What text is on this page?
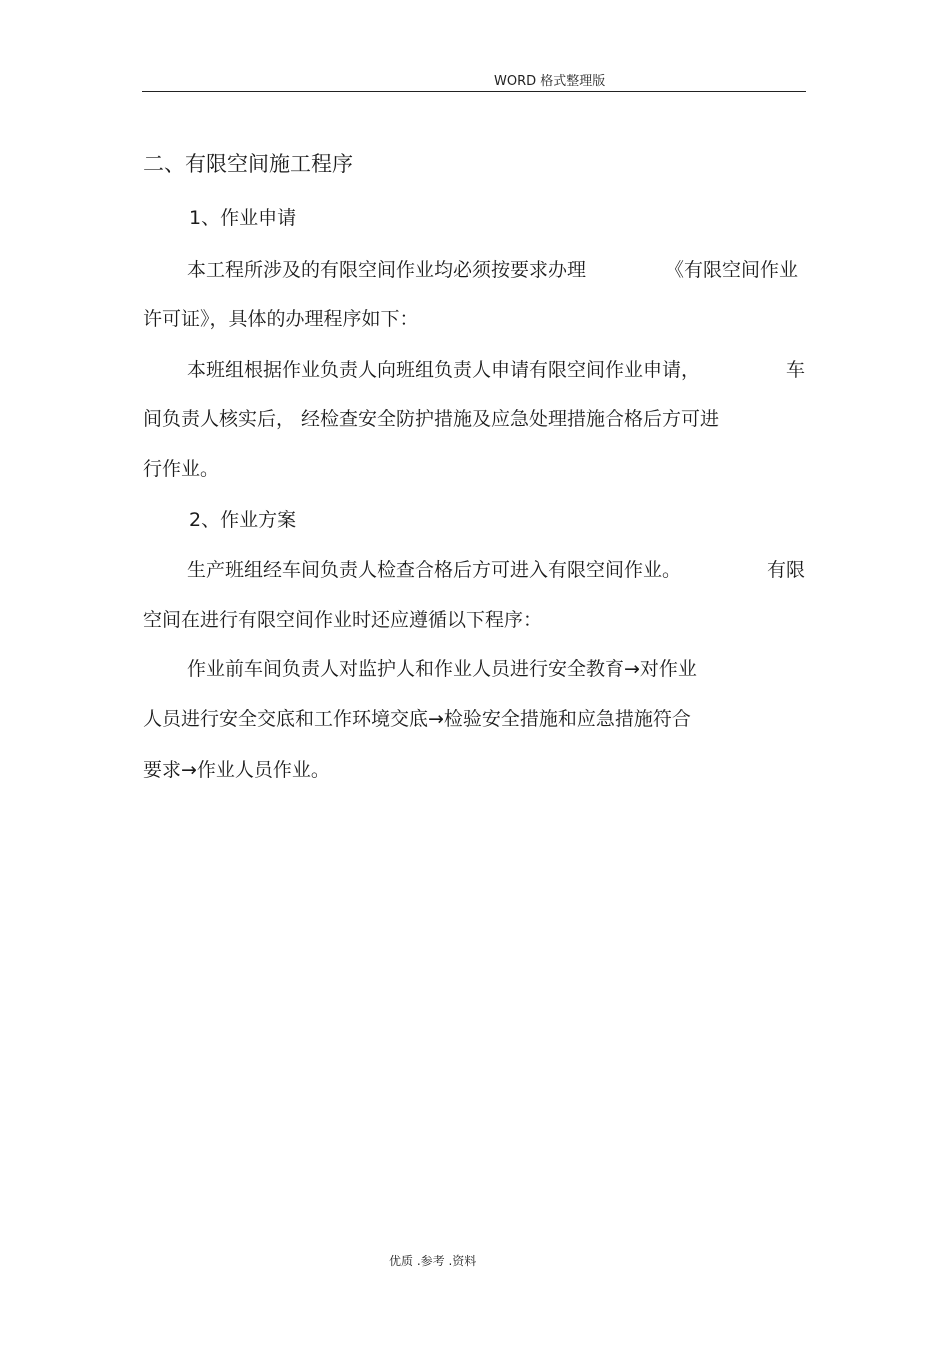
WORD 格式整理版
二、有限空间施工程序
1、作业申请
本工程所涉及的有限空间作业均必须按要求办理	《有限空间作业
许可证》，具体的办理程序如下：
本班组根据作业负责人向班组负责人申请有限空间作业申请，	车
间负责人核实后， 经检查安全防护措施及应急处理措施合格后方可进
行作业。
2、作业方案
生产班组经车间负责人检查合格后方可进入有限空间作业。	有限
空间在进行有限空间作业时还应遵循以下程序：
作业前车间负责人对监护人和作业人员进行安全教育→对作业
人员进行安全交底和工作环境交底→检验安全措施和应急措施符合
要求→作业人员作业。
优质 .参考 .资料
